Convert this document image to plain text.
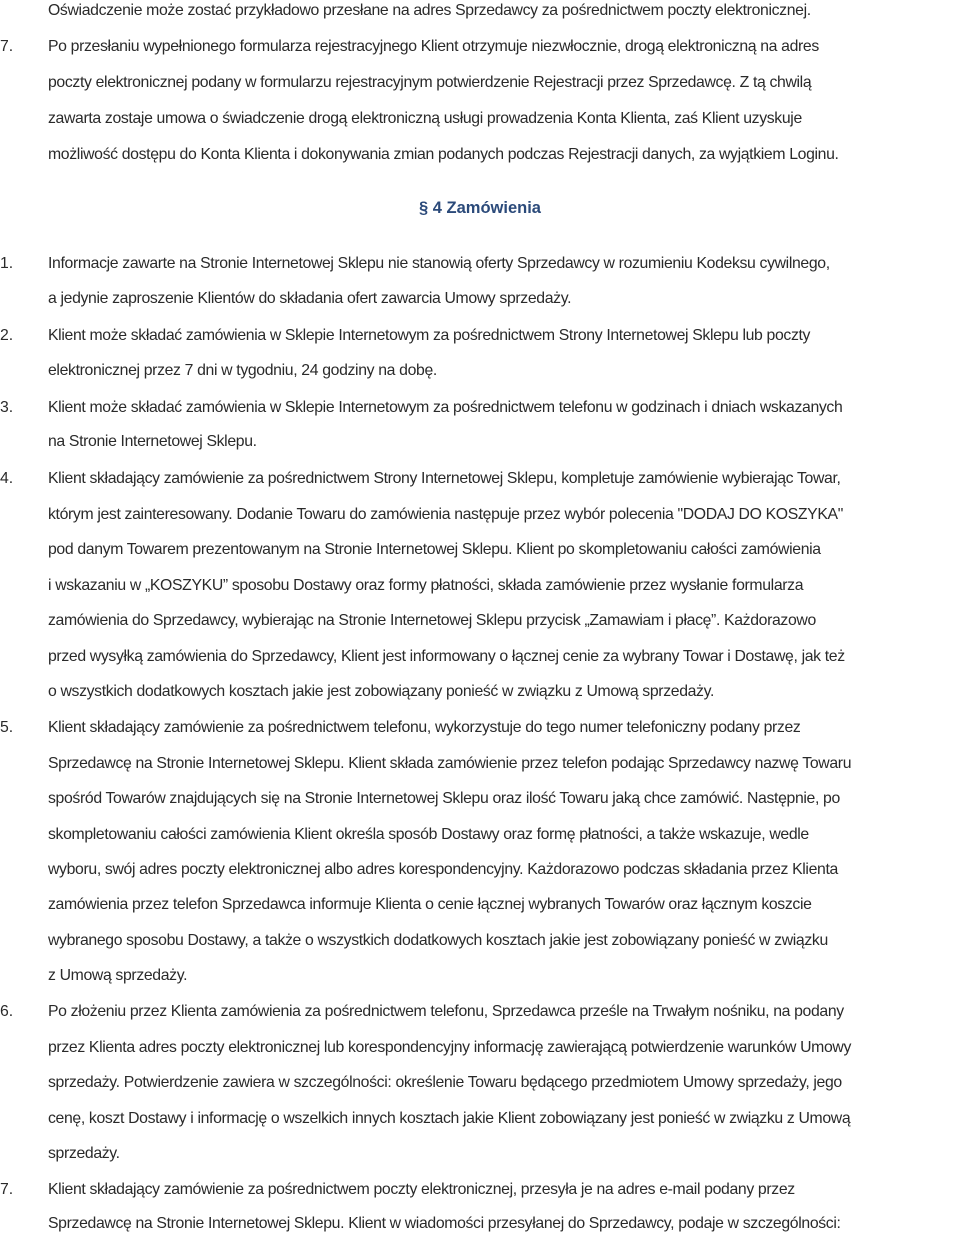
Oświadczenie może zostać przykładowo przesłane na adres Sprzedawcy za pośrednictwem poczty elektronicznej.
7. Po przesłaniu wypełnionego formularza rejestracyjnego Klient otrzymuje niezwłocznie, drogą elektroniczną na adres
poczty elektronicznej podany w formularzu rejestracyjnym potwierdzenie Rejestracji przez Sprzedawcę. Z tą chwilą
zawarta zostaje umowa o świadczenie drogą elektroniczną usługi prowadzenia Konta Klienta, zaś Klient uzyskuje
możliwość dostępu do Konta Klienta i dokonywania zmian podanych podczas Rejestracji danych, za wyjątkiem Loginu.
§ 4 Zamówienia
1. Informacje zawarte na Stronie Internetowej Sklepu nie stanowią oferty Sprzedawcy w rozumieniu Kodeksu cywilnego,
a jedynie zaproszenie Klientów do składania ofert zawarcia Umowy sprzedaży.
2. Klient może składać zamówienia w Sklepie Internetowym za pośrednictwem Strony Internetowej Sklepu lub poczty
elektronicznej przez 7 dni w tygodniu, 24 godziny na dobę.
3. Klient może składać zamówienia w Sklepie Internetowym za pośrednictwem telefonu w godzinach i dniach wskazanych
na Stronie Internetowej Sklepu.
4. Klient składający zamówienie za pośrednictwem Strony Internetowej Sklepu, kompletuje zamówienie wybierając Towar,
którym jest zainteresowany. Dodanie Towaru do zamówienia następuje przez wybór polecenia "DODAJ DO KOSZYKA"
pod danym Towarem prezentowanym na Stronie Internetowej Sklepu. Klient po skompletowaniu całości zamówienia
i wskazaniu w „KOSZYKU” sposobu Dostawy oraz formy płatności, składa zamówienie przez wysłanie formularza
zamówienia do Sprzedawcy, wybierając na Stronie Internetowej Sklepu przycisk „Zamawiam i płacę”. Każdorazowo
przed wysyłką zamówienia do Sprzedawcy, Klient jest informowany o łącznej cenie za wybrany Towar i Dostawę, jak też
o wszystkich dodatkowych kosztach jakie jest zobowiązany ponieść w związku z Umową sprzedaży.
5. Klient składający zamówienie za pośrednictwem telefonu, wykorzystuje do tego numer telefoniczny podany przez
Sprzedawcę na Stronie Internetowej Sklepu. Klient składa zamówienie przez telefon podając Sprzedawcy nazwę Towaru
spośród Towarów znajdujących się na Stronie Internetowej Sklepu oraz ilość Towaru jaką chce zamówić. Następnie, po
skompletowaniu całości zamówienia Klient określa sposób Dostawy oraz formę płatności, a także wskazuje, wedle
wyboru, swój adres poczty elektronicznej albo adres korespondencyjny. Każdorazowo podczas składania przez Klienta
zamówienia przez telefon Sprzedawca informuje Klienta o cenie łącznej wybranych Towarów oraz łącznym koszcie
wybranego sposobu Dostawy, a także o wszystkich dodatkowych kosztach jakie jest zobowiązany ponieść w związku
z Umową sprzedaży.
6. Po złożeniu przez Klienta zamówienia za pośrednictwem telefonu, Sprzedawca prześle na Trwałym nośniku, na podany
przez Klienta adres poczty elektronicznej lub korespondencyjny informację zawierającą potwierdzenie warunków Umowy
sprzedaży. Potwierdzenie zawiera w szczególności: określenie Towaru będącego przedmiotem Umowy sprzedaży, jego
cenę, koszt Dostawy i informację o wszelkich innych kosztach jakie Klient zobowiązany jest ponieść w związku z Umową
sprzedaży.
7. Klient składający zamówienie za pośrednictwem poczty elektronicznej, przesyła je na adres e-mail podany przez
Sprzedawcę na Stronie Internetowej Sklepu. Klient w wiadomości przesyłanej do Sprzedawcy, podaje w szczególności:
